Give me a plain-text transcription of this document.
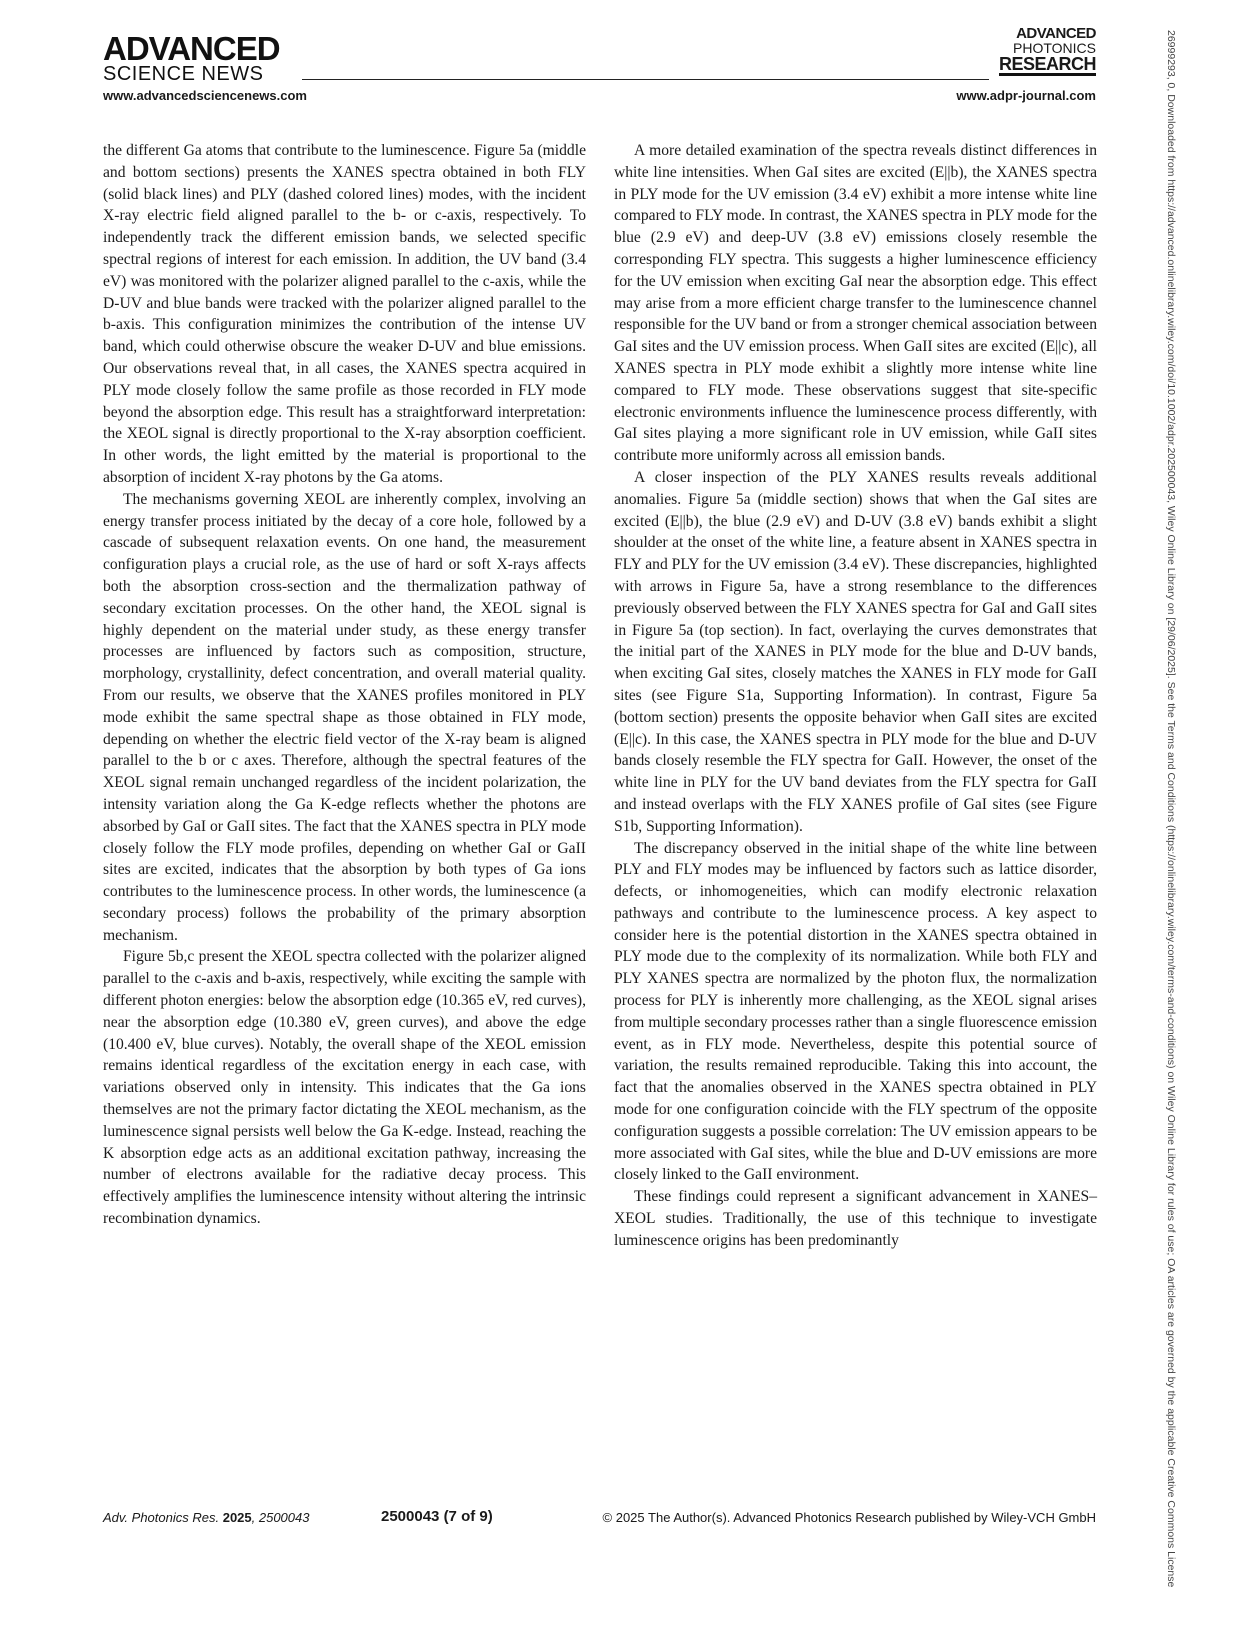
ADVANCED
SCIENCE NEWS
ADVANCED
PHOTONICS
RESEARCH
www.advancedsciencenews.com	www.adpr-journal.com

the different Ga atoms that contribute to the luminescence. Figure 5a (middle and bottom sections) presents the XANES spectra obtained in both FLY (solid black lines) and PLY (dashed colored lines) modes, with the incident X-ray electric field aligned parallel to the b- or c-axis, respectively. To independently track the different emission bands, we selected specific spectral regions of interest for each emission. In addition, the UV band (3.4 eV) was monitored with the polarizer aligned parallel to the c-axis, while the D-UV and blue bands were tracked with the polarizer aligned parallel to the b-axis. This configuration minimizes the contribution of the intense UV band, which could otherwise obscure the weaker D-UV and blue emissions. Our observations reveal that, in all cases, the XANES spectra acquired in PLY mode closely follow the same profile as those recorded in FLY mode beyond the absorption edge. This result has a straightforward interpretation: the XEOL signal is directly proportional to the X-ray absorption coefficient. In other words, the light emitted by the material is proportional to the absorption of incident X-ray photons by the Ga atoms.

The mechanisms governing XEOL are inherently complex, involving an energy transfer process initiated by the decay of a core hole, followed by a cascade of subsequent relaxation events. On one hand, the measurement configuration plays a crucial role, as the use of hard or soft X-rays affects both the absorption cross-section and the thermalization pathway of secondary excitation processes. On the other hand, the XEOL signal is highly dependent on the material under study, as these energy transfer processes are influenced by factors such as composition, structure, morphology, crystallinity, defect concentration, and overall material quality. From our results, we observe that the XANES profiles monitored in PLY mode exhibit the same spectral shape as those obtained in FLY mode, depending on whether the electric field vector of the X-ray beam is aligned parallel to the b or c axes. Therefore, although the spectral features of the XEOL signal remain unchanged regardless of the incident polarization, the intensity variation along the Ga K-edge reflects whether the photons are absorbed by GaI or GaII sites. The fact that the XANES spectra in PLY mode closely follow the FLY mode profiles, depending on whether GaI or GaII sites are excited, indicates that the absorption by both types of Ga ions contributes to the luminescence process. In other words, the luminescence (a secondary process) follows the probability of the primary absorption mechanism.

Figure 5b,c present the XEOL spectra collected with the polarizer aligned parallel to the c-axis and b-axis, respectively, while exciting the sample with different photon energies: below the absorption edge (10.365 eV, red curves), near the absorption edge (10.380 eV, green curves), and above the edge (10.400 eV, blue curves). Notably, the overall shape of the XEOL emission remains identical regardless of the excitation energy in each case, with variations observed only in intensity. This indicates that the Ga ions themselves are not the primary factor dictating the XEOL mechanism, as the luminescence signal persists well below the Ga K-edge. Instead, reaching the K absorption edge acts as an additional excitation pathway, increasing the number of electrons available for the radiative decay process. This effectively amplifies the luminescence intensity without altering the intrinsic recombination dynamics.

A more detailed examination of the spectra reveals distinct differences in white line intensities. When GaI sites are excited (E||b), the XANES spectra in PLY mode for the UV emission (3.4 eV) exhibit a more intense white line compared to FLY mode. In contrast, the XANES spectra in PLY mode for the blue (2.9 eV) and deep-UV (3.8 eV) emissions closely resemble the corresponding FLY spectra. This suggests a higher luminescence efficiency for the UV emission when exciting GaI near the absorption edge. This effect may arise from a more efficient charge transfer to the luminescence channel responsible for the UV band or from a stronger chemical association between GaI sites and the UV emission process. When GaII sites are excited (E||c), all XANES spectra in PLY mode exhibit a slightly more intense white line compared to FLY mode. These observations suggest that site-specific electronic environments influence the luminescence process differently, with GaI sites playing a more significant role in UV emission, while GaII sites contribute more uniformly across all emission bands.

A closer inspection of the PLY XANES results reveals additional anomalies. Figure 5a (middle section) shows that when the GaI sites are excited (E||b), the blue (2.9 eV) and D-UV (3.8 eV) bands exhibit a slight shoulder at the onset of the white line, a feature absent in XANES spectra in FLY and PLY for the UV emission (3.4 eV). These discrepancies, highlighted with arrows in Figure 5a, have a strong resemblance to the differences previously observed between the FLY XANES spectra for GaI and GaII sites in Figure 5a (top section). In fact, overlaying the curves demonstrates that the initial part of the XANES in PLY mode for the blue and D-UV bands, when exciting GaI sites, closely matches the XANES in FLY mode for GaII sites (see Figure S1a, Supporting Information). In contrast, Figure 5a (bottom section) presents the opposite behavior when GaII sites are excited (E||c). In this case, the XANES spectra in PLY mode for the blue and D-UV bands closely resemble the FLY spectra for GaII. However, the onset of the white line in PLY for the UV band deviates from the FLY spectra for GaII and instead overlaps with the FLY XANES profile of GaI sites (see Figure S1b, Supporting Information).

The discrepancy observed in the initial shape of the white line between PLY and FLY modes may be influenced by factors such as lattice disorder, defects, or inhomogeneities, which can modify electronic relaxation pathways and contribute to the luminescence process. A key aspect to consider here is the potential distortion in the XANES spectra obtained in PLY mode due to the complexity of its normalization. While both FLY and PLY XANES spectra are normalized by the photon flux, the normalization process for PLY is inherently more challenging, as the XEOL signal arises from multiple secondary processes rather than a single fluorescence emission event, as in FLY mode. Nevertheless, despite this potential source of variation, the results remained reproducible. Taking this into account, the fact that the anomalies observed in the XANES spectra obtained in PLY mode for one configuration coincide with the FLY spectrum of the opposite configuration suggests a possible correlation: The UV emission appears to be more associated with GaI sites, while the blue and D-UV emissions are more closely linked to the GaII environment.

These findings could represent a significant advancement in XANES–XEOL studies. Traditionally, the use of this technique to investigate luminescence origins has been predominantly	26999293, 0, Downloaded from https://advanced.onlinelibrary.wiley.com/doi/10.1002/adpr.202500043, Wiley Online Library on [29/06/2025]. See the Terms and Conditions (https://onlinelibrary.wiley.com/terms-and-conditions) on Wiley Online Library for rules of use; OA articles are governed by the applicable Creative Commons License
Adv. Photonics Res. 2025, 2500043	2500043 (7 of 9)	© 2025 The Author(s). Advanced Photonics Research published by Wiley-VCH GmbH
